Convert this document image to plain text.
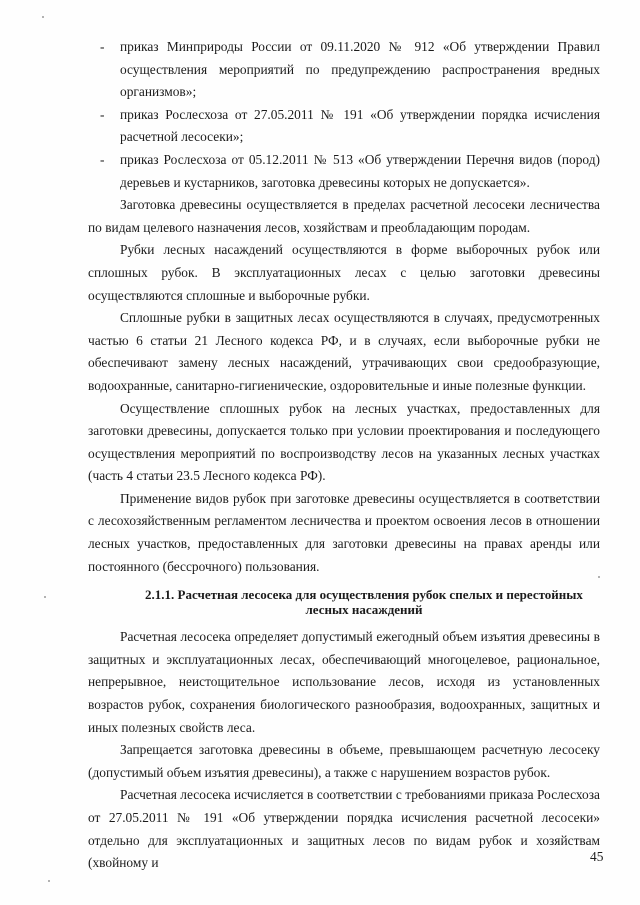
- приказ Минприроды России от 09.11.2020 № 912 «Об утверждении Правил осуществления мероприятий по предупреждению распространения вредных организмов»;
- приказ Рослесхоза от 27.05.2011 № 191 «Об утверждении порядка исчисления расчетной лесосеки»;
- приказ Рослесхоза от 05.12.2011 № 513 «Об утверждении Перечня видов (пород) деревьев и кустарников, заготовка древесины которых не допускается».
Заготовка древесины осуществляется в пределах расчетной лесосеки лесничества по видам целевого назначения лесов, хозяйствам и преобладающим породам.
Рубки лесных насаждений осуществляются в форме выборочных рубок или сплошных рубок. В эксплуатационных лесах с целью заготовки древесины осуществляются сплошные и выборочные рубки.
Сплошные рубки в защитных лесах осуществляются в случаях, предусмотренных частью 6 статьи 21 Лесного кодекса РФ, и в случаях, если выборочные рубки не обеспечивают замену лесных насаждений, утрачивающих свои средообразующие, водоохранные, санитарно-гигиенические, оздоровительные и иные полезные функции.
Осуществление сплошных рубок на лесных участках, предоставленных для заготовки древесины, допускается только при условии проектирования и последующего осуществления мероприятий по воспроизводству лесов на указанных лесных участках (часть 4 статьи 23.5 Лесного кодекса РФ).
Применение видов рубок при заготовке древесины осуществляется в соответствии с лесохозяйственным регламентом лесничества и проектом освоения лесов в отношении лесных участков, предоставленных для заготовки древесины на правах аренды или постоянного (бессрочного) пользования.
2.1.1. Расчетная лесосека для осуществления рубок спелых и перестойных
лесных насаждений
Расчетная лесосека определяет допустимый ежегодный объем изъятия древесины в защитных и эксплуатационных лесах, обеспечивающий многоцелевое, рациональное, непрерывное, неистощительное использование лесов, исходя из установленных возрастов рубок, сохранения биологического разнообразия, водоохранных, защитных и иных полезных свойств леса.
Запрещается заготовка древесины в объеме, превышающем расчетную лесосеку (допустимый объем изъятия древесины), а также с нарушением возрастов рубок.
Расчетная лесосека исчисляется в соответствии с требованиями приказа Рослесхоза от 27.05.2011 № 191 «Об утверждении порядка исчисления расчетной лесосеки» отдельно для эксплуатационных и защитных лесов по видам рубок и хозяйствам (хвойному и	45
